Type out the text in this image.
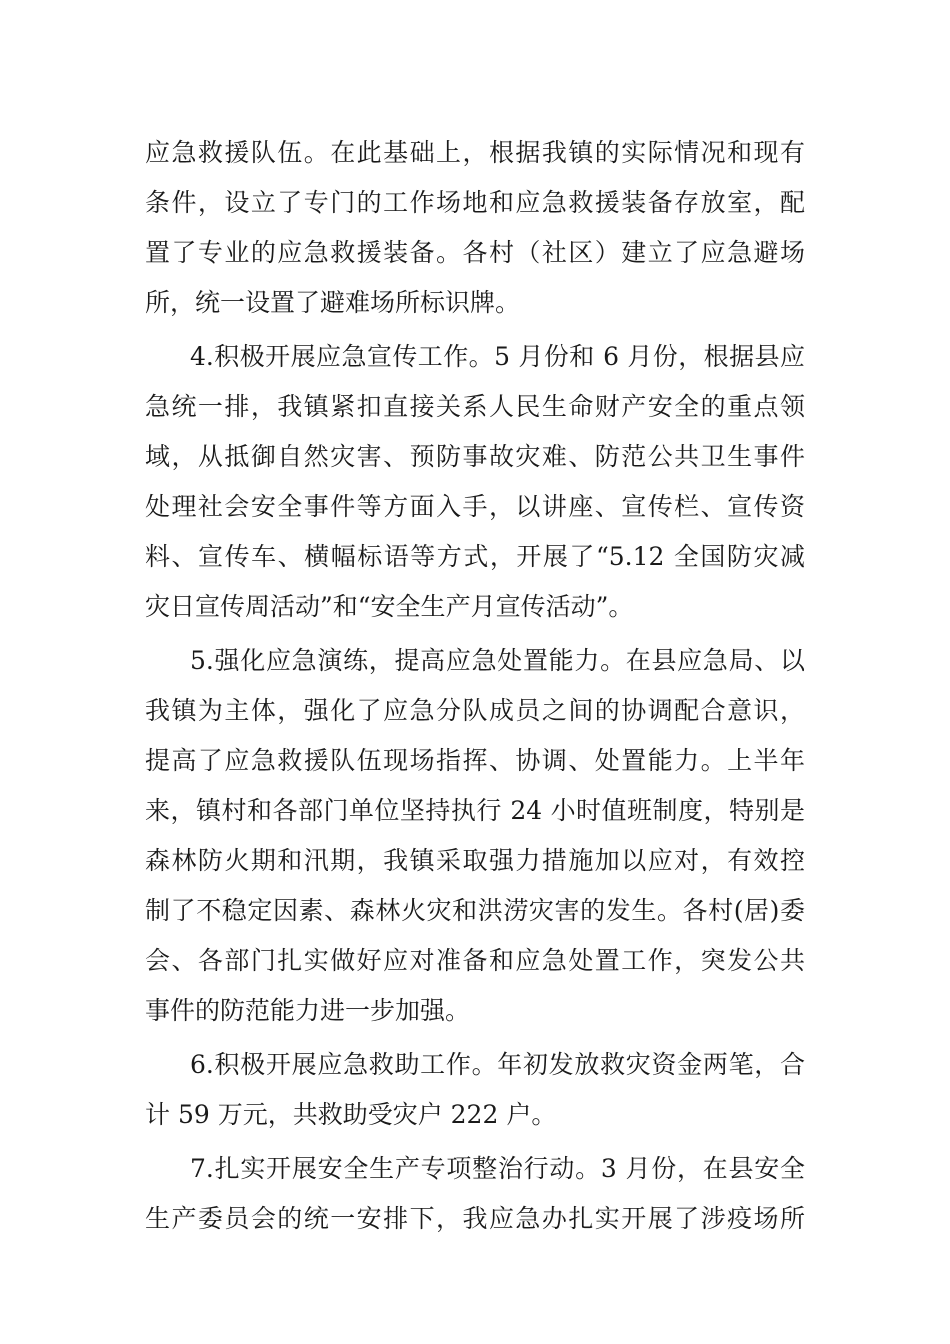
应急救援队伍。在此基础上，根据我镇的实际情况和现有
条件，设立了专门的工作场地和应急救援装备存放室，配
置了专业的应急救援装备。各村（社区）建立了应急避场
所，统一设置了避难场所标识牌。
4.积极开展应急宣传工作。5 月份和 6 月份，根据县应
急统一排，我镇紧扣直接关系人民生命财产安全的重点领
域，从抵御自然灾害、预防事故灾难、防范公共卫生事件
处理社会安全事件等方面入手，以讲座、宣传栏、宣传资
料、宣传车、横幅标语等方式，开展了“5.12 全国防灾减
灾日宣传周活动”和“安全生产月宣传活动”。
5.强化应急演练，提高应急处置能力。在县应急局、以
我镇为主体，强化了应急分队成员之间的协调配合意识，
提高了应急救援队伍现场指挥、协调、处置能力。上半年
来，镇村和各部门单位坚持执行 24 小时值班制度，特别是
森林防火期和汛期，我镇采取强力措施加以应对，有效控
制了不稳定因素、森林火灾和洪涝灾害的发生。各村(居)委
会、各部门扎实做好应对准备和应急处置工作，突发公共
事件的防范能力进一步加强。
6.积极开展应急救助工作。年初发放救灾资金两笔，合
计 59 万元，共救助受灾户 222 户。
7.扎实开展安全生产专项整治行动。3 月份，在县安全
生产委员会的统一安排下，我应急办扎实开展了涉疫场所
